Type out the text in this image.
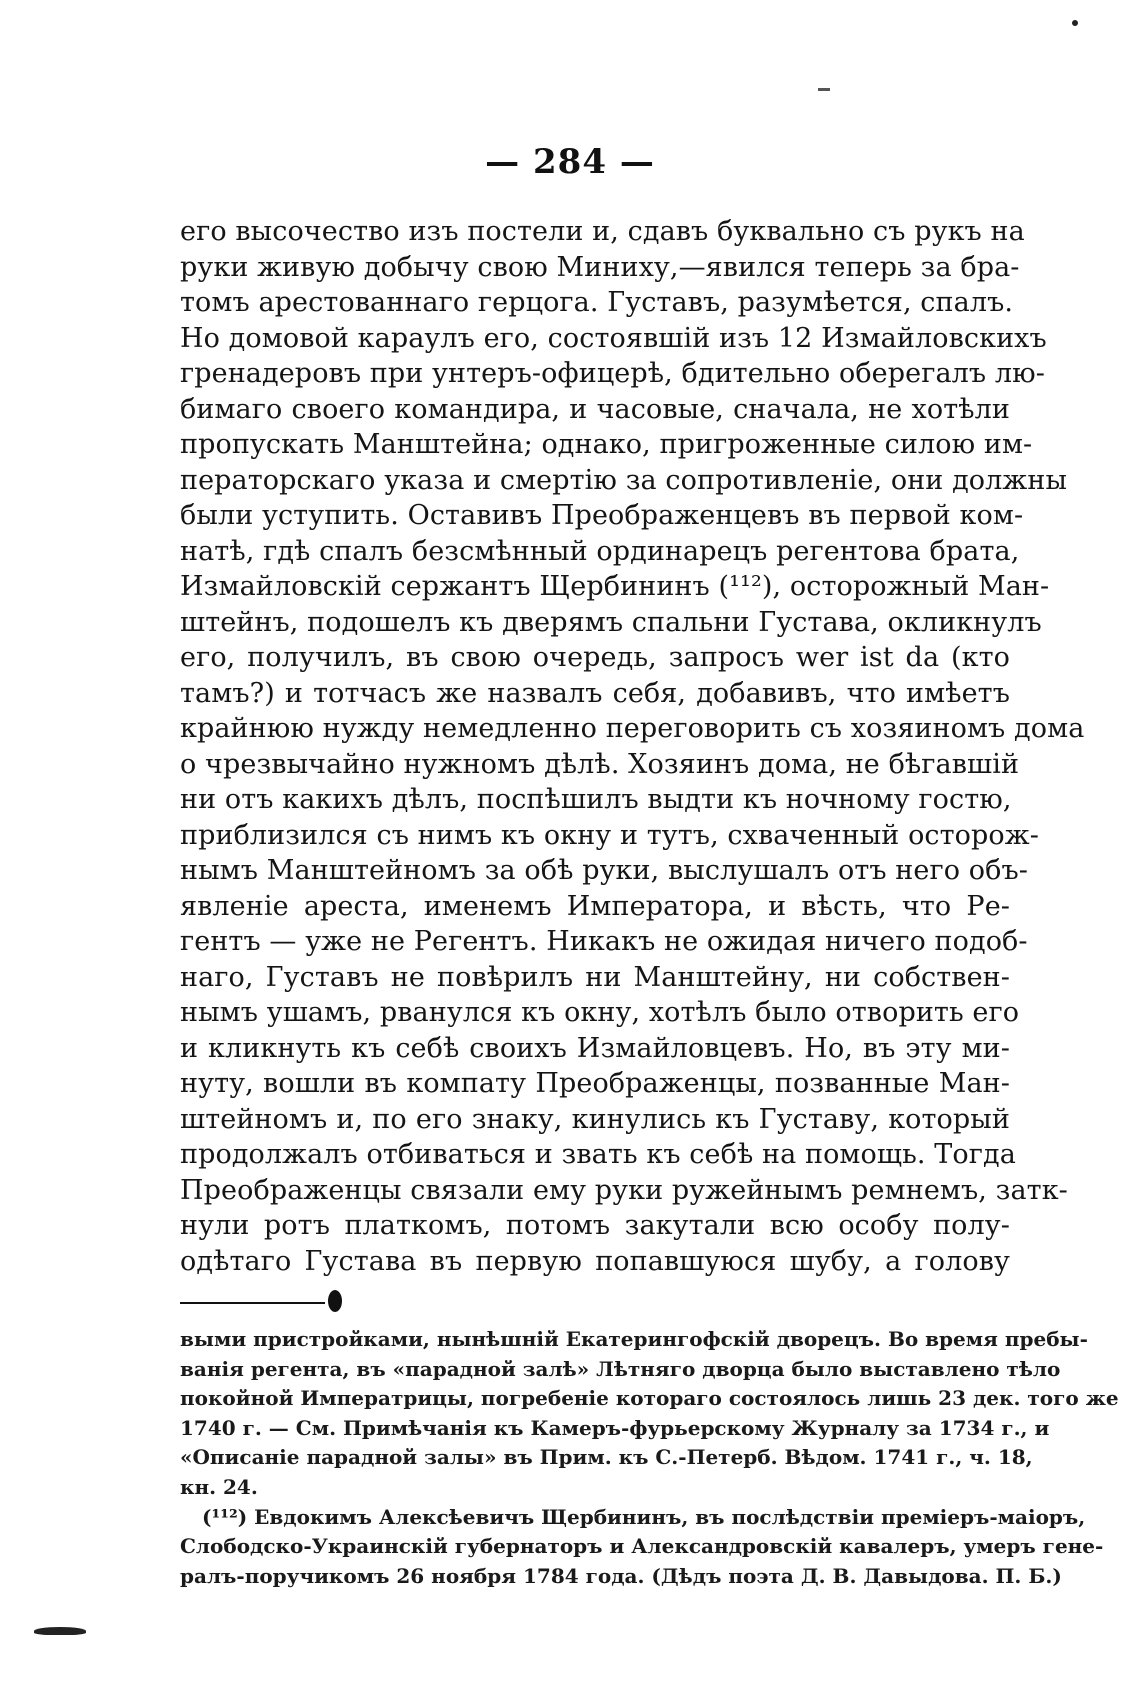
— 284 —
его высочество изъ постели и, сдавъ буквально съ рукъ на
руки живую добычу свою Миниху,—явился теперь за бра-
томъ арестованнаго герцога. Густавъ, разумѣется, спалъ.
Но домовой караулъ его, состоявшій изъ 12 Измайловскихъ
гренадеровъ при унтеръ-офицерѣ, бдительно оберегалъ лю-
бимаго своего командира, и часовые, сначала, не хотѣли
пропускать Манштейна; однако, пригроженные силою им-
ператорскаго указа и смертію за сопротивленіе, они должны
были уступить. Оставивъ Преображенцевъ въ первой ком-
натѣ, гдѣ спалъ безсмѣнный ординарецъ регентова брата,
Измайловскій сержантъ Щербининъ (¹¹²), осторожный Ман-
штейнъ, подошелъ къ дверямъ спальни Густава, окликнулъ
его, получилъ, въ свою очередь, запросъ wer ist da (кто
тамъ?) и тотчасъ же назвалъ себя, добавивъ, что имѣетъ
крайнюю нужду немедленно переговорить съ хозяиномъ дома
о чрезвычайно нужномъ дѣлѣ. Хозяинъ дома, не бѣгавшій
ни отъ какихъ дѣлъ, поспѣшилъ выдти къ ночному гостю,
приблизился съ нимъ къ окну и тутъ, схваченный осторож-
нымъ Манштейномъ за обѣ руки, выслушалъ отъ него объ-
явленіе ареста, именемъ Императора, и вѣсть, что Ре-
гентъ — уже не Регентъ. Никакъ не ожидая ничего подоб-
наго, Густавъ не повѣрилъ ни Манштейну, ни собствен-
нымъ ушамъ, рванулся къ окну, хотѣлъ было отворить его
и кликнуть къ себѣ своихъ Измайловцевъ. Но, въ эту ми-
нуту, вошли въ компату Преображенцы, позванные Ман-
штейномъ и, по его знаку, кинулись къ Густаву, который
продолжалъ отбиваться и звать къ себѣ на помощь. Тогда
Преображенцы связали ему руки ружейнымъ ремнемъ, затк-
нули ротъ платкомъ, потомъ закутали всю особу полу-
одѣтаго Густава въ первую попавшуюся шубу, а голову
выми пристройками, нынѣшній Екатерингофскій дворецъ. Во время пребы-
ванія регента, въ «парадной залѣ» Лѣтняго дворца было выставлено тѣло
покойной Императрицы, погребеніе котораго состоялось лишь 23 дек. того же
1740 г. — См. Примѣчанія къ Камеръ-фурьерскому Журналу за 1734 г., и
«Описаніе парадной залы» въ Прим. къ С.-Петерб. Вѣдом. 1741 г., ч. 18,
кн. 24.
(¹¹²) Евдокимъ Алексѣевичъ Щербининъ, въ послѣдствіи премiеръ-маiоръ,
Слободско-Украинскій губернаторъ и Александровскій кавалеръ, умеръ гене-
ралъ-поручикомъ 26 ноября 1784 года. (Дѣдъ поэта Д. В. Давыдова. П. Б.)
